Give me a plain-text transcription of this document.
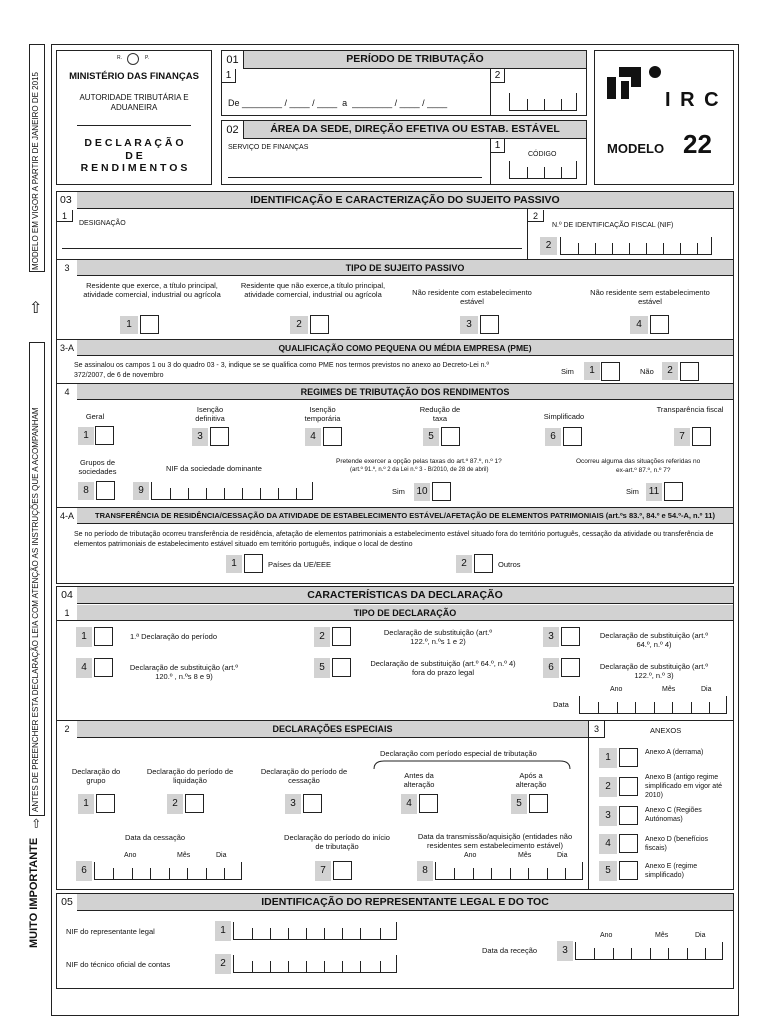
MODELO EM VIGOR A PARTIR DE JANEIRO DE 2015
⇧
ANTES DE PREENCHER ESTA DECLARAÇÃO LEIA COM ATENÇÃO AS INSTRUÇÕES QUE A ACOMPANHAM
⇨
MUITO IMPORTANTE
R.	P.
MINISTÉRIO DAS FINANÇAS
AUTORIDADE TRIBUTÁRIA E ADUANEIRA
D E C L A R A Ç Ã O
D E
R E N D I M E N T O S
01	PERÍODO DE TRIBUTAÇÃO
1
De ________ / ____ / ____  a  ________ / ____ / ____
2
02	ÁREA DA SEDE, DIREÇÃO EFETIVA OU ESTAB. ESTÁVEL
SERVIÇO DE FINANÇAS	1
CÓDIGO
I R C
MODELO 22
03	IDENTIFICAÇÃO E CARACTERIZAÇÃO DO SUJEITO PASSIVO
1
DESIGNAÇÃO
2
N.º DE IDENTIFICAÇÃO FISCAL (NIF)
2
3	TIPO DE SUJEITO PASSIVO
Residente que exerce, a título principal, atividade comercial, industrial ou agrícola
1
Residente que não exerce,a título principal, atividade comercial, industrial ou agrícola
2
Não residente com estabelecimento estável
3
Não residente sem estabelecimento estável
4
3-A	QUALIFICAÇÃO COMO PEQUENA OU MÉDIA EMPRESA (PME)
Se assinalou os campos 1 ou 3 do quadro 03 - 3, indique se se qualifica como PME nos termos previstos no anexo ao Decreto-Lei n.º 372/2007, de 6 de novembro	Sim	1	Não	2
4	REGIMES DE TRIBUTAÇÃO DOS RENDIMENTOS
Geral
1
Isenção definitiva
3
Isenção temporária
4
Redução de taxa
5
Simplificado
6
Transparência fiscal
7
Grupos de sociedades
8
NIF da sociedade dominante
9
Pretende exercer a opção pelas taxas do art.º 87.º, n.º 1?
(art.º 91.º, n.º 2 da Lei n.º 3 - B/2010, de 28 de abril)
Sim 10
Ocorreu alguma das situações referidas no
ex-art.º 87.º, n.º 7?
Sim 11
4-A	TRANSFERÊNCIA DE RESIDÊNCIA/CESSAÇÃO DA ATIVIDADE DE ESTABELECIMENTO ESTÁVEL/AFETAÇÃO DE ELEMENTOS PATRIMONIAIS (art.ºs 83.º, 84.º e 54.º-A, n.º 11)
Se no período de tributação ocorreu transferência de residência, afetação de elementos patrimoniais a estabelecimento estável situado fora do território português, cessação da atividade ou transferência de elementos patrimoniais de estabelecimento estável situado em território português, indique o local de destino
1	Países da UE/EEE	2	Outros
04	CARACTERÍSTICAS DA DECLARAÇÃO
1	TIPO DE DECLARAÇÃO
1	1.ª Declaração do período	2	Declaração de substituição (art.º 122.º, n.ºs 1 e 2)	3	Declaração de substituição (art.º 64.º, n.º 4)
4	Declaração de substituição (art.º 120.º , n.ºs 8 e 9)
5	Declaração de substituição (art.º 64.º, n.º 4) fora do prazo legal	6	Declaração de substituição (art.º 122.º, n.º 3)
Ano	Mês	Dia
Data
2	DECLARAÇÕES ESPECIAIS	3	ANEXOS
Declaração com período especial de tributação
Declaração do grupo
1
Declaração do período de liquidação
2
Declaração do período de cessação
3
Antes da alteração
4
Após a alteração
5
Data da cessação
Ano	Mês	Dia
6
Declaração do período do início de tributação
7
Data da transmissão/aquisição (entidades não residentes sem estabelecimento estável)
Ano	Mês	Dia
8
1	Anexo A (derrama)
2
Anexo B (antigo regime simplificado em vigor até 2010)
3	Anexo C (Regiões Autónomas)
4	Anexo D (benefícios fiscais)
5	Anexo E (regime simplificado)
05	IDENTIFICAÇÃO DO REPRESENTANTE LEGAL E DO TOC
NIF do representante legal	1
NIF do técnico oficial de contas	2
Ano	Mês	Dia
Data da receção	3
